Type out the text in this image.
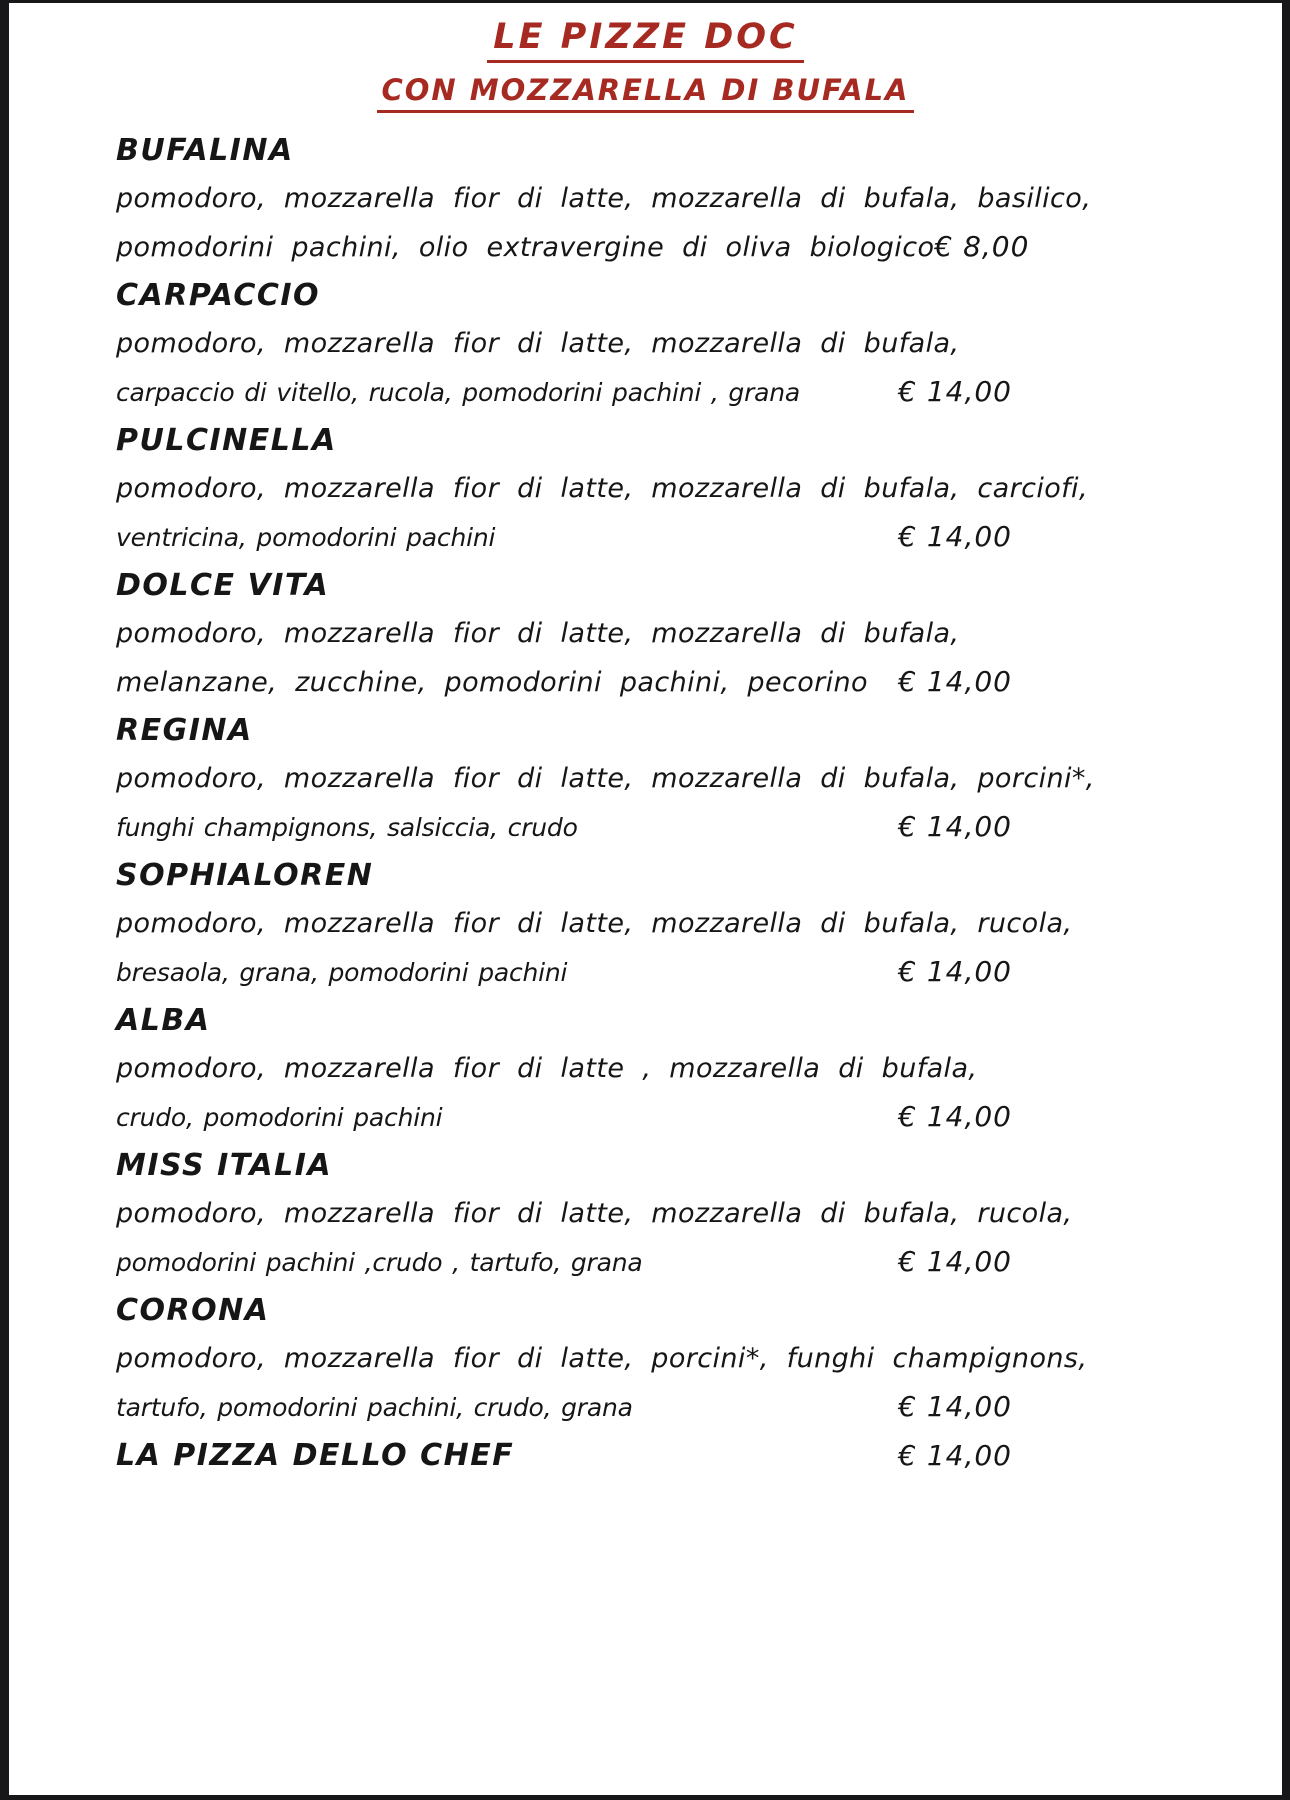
LE PIZZE DOC
CON MOZZARELLA DI BUFALA
BUFALINA
pomodoro, mozzarella fior di latte, mozzarella di bufala, basilico,
pomodorini pachini, olio extravergine di oliva biologico € 8,00
CARPACCIO
pomodoro, mozzarella fior di latte, mozzarella di bufala,
carpaccio di vitello, rucola, pomodorini pachini , grana	€ 14,00
PULCINELLA
pomodoro, mozzarella fior di latte, mozzarella di bufala, carciofi,
ventricina, pomodorini pachini	€ 14,00
DOLCE VITA
pomodoro, mozzarella fior di latte, mozzarella di bufala,
melanzane, zucchine, pomodorini pachini, pecorino € 14,00
REGINA
pomodoro, mozzarella fior di latte, mozzarella di bufala, porcini*,
funghi champignons, salsiccia, crudo	€ 14,00
SOPHIALOREN
pomodoro, mozzarella fior di latte, mozzarella di bufala, rucola,
bresaola, grana, pomodorini pachini	€ 14,00
ALBA
pomodoro, mozzarella fior di latte , mozzarella di bufala,
crudo, pomodorini pachini	€ 14,00
MISS ITALIA
pomodoro, mozzarella fior di latte, mozzarella di bufala, rucola,
pomodorini pachini ,crudo , tartufo, grana	€ 14,00
CORONA
pomodoro, mozzarella fior di latte, porcini*, funghi champignons,
tartufo, pomodorini pachini, crudo, grana	€ 14,00
LA PIZZA DELLO CHEF	€ 14,00
